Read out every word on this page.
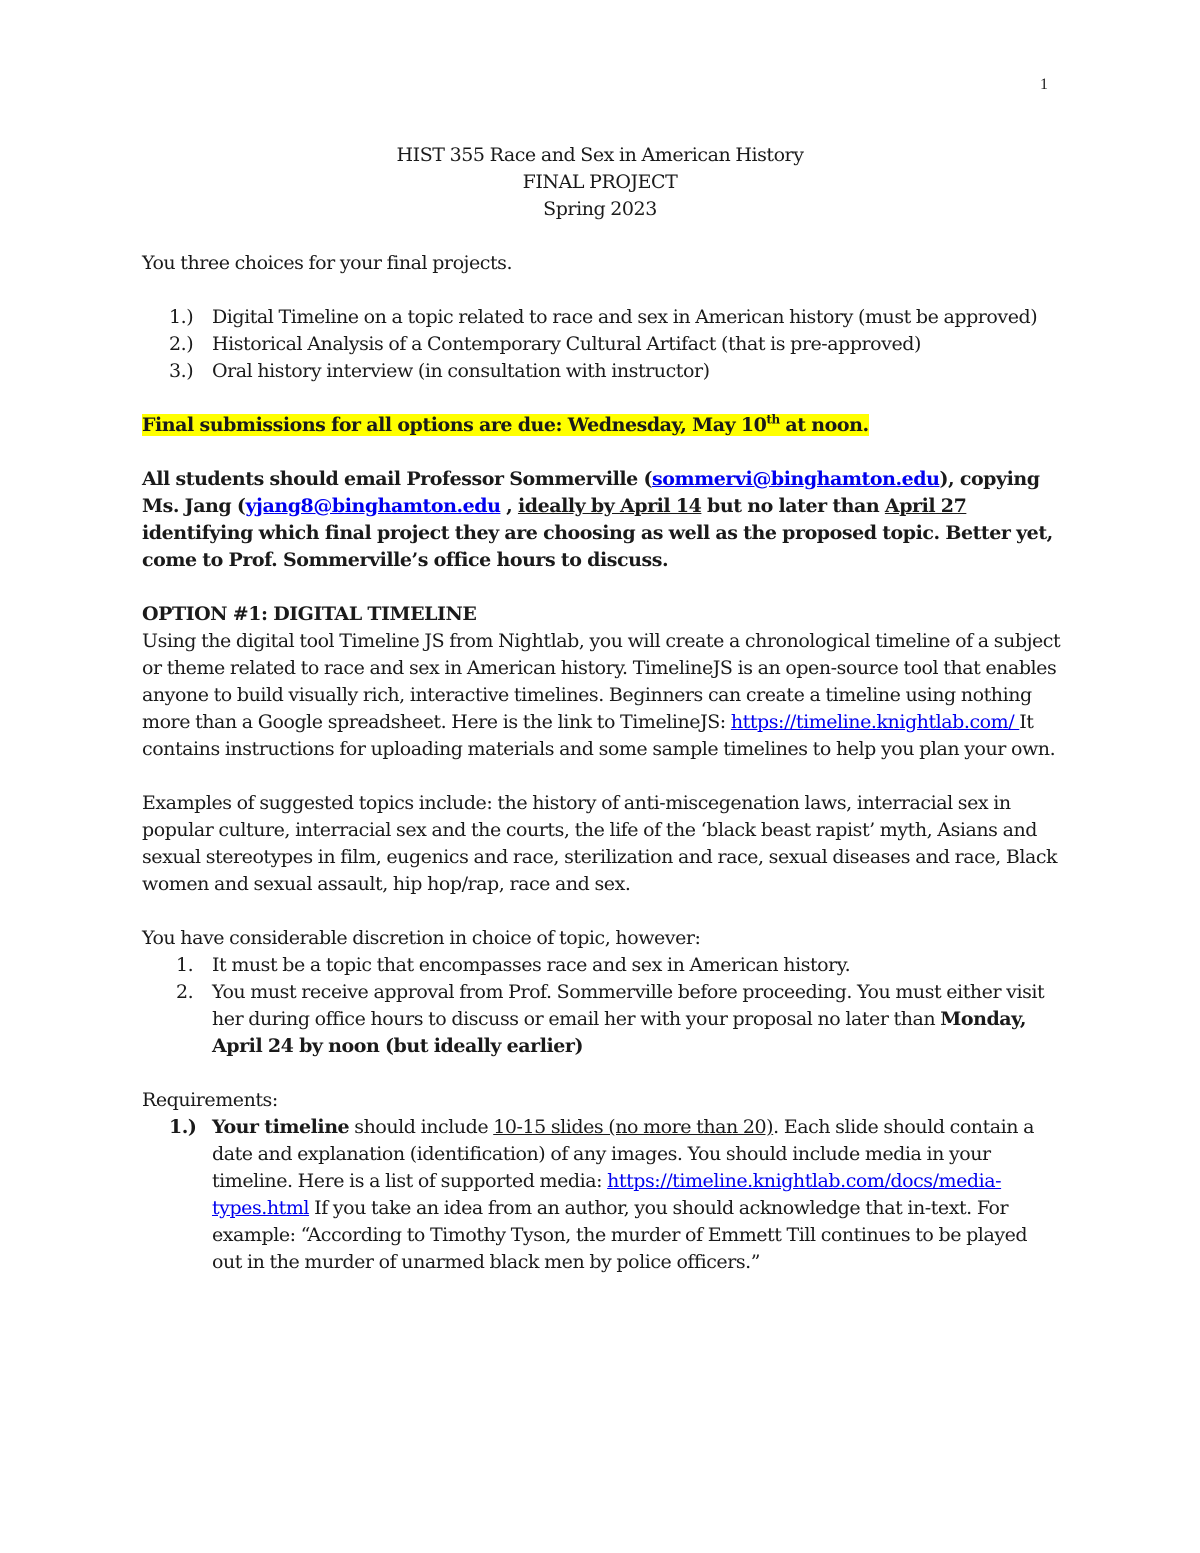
1
HIST 355 Race and Sex in American History
FINAL PROJECT
Spring 2023
You three choices for your final projects.
1.) Digital Timeline on a topic related to race and sex in American history (must be approved)
2.) Historical Analysis of a Contemporary Cultural Artifact (that is pre-approved)
3.) Oral history interview (in consultation with instructor)
Final submissions for all options are due: Wednesday, May 10th at noon.
All students should email Professor Sommerville (sommervi@binghamton.edu), copying Ms. Jang (yjang8@binghamton.edu , ideally by April 14 but no later than April 27 identifying which final project they are choosing as well as the proposed topic. Better yet, come to Prof. Sommerville’s office hours to discuss.
OPTION #1: DIGITAL TIMELINE
Using the digital tool Timeline JS from Nightlab, you will create a chronological timeline of a subject or theme related to race and sex in American history. TimelineJS is an open-source tool that enables anyone to build visually rich, interactive timelines. Beginners can create a timeline using nothing more than a Google spreadsheet. Here is the link to TimelineJS: https://timeline.knightlab.com/ It contains instructions for uploading materials and some sample timelines to help you plan your own.
Examples of suggested topics include: the history of anti-miscegenation laws, interracial sex in popular culture, interracial sex and the courts, the life of the ‘black beast rapist’ myth, Asians and sexual stereotypes in film, eugenics and race, sterilization and race, sexual diseases and race, Black women and sexual assault, hip hop/rap, race and sex.
You have considerable discretion in choice of topic, however:
1. It must be a topic that encompasses race and sex in American history.
2. You must receive approval from Prof. Sommerville before proceeding. You must either visit her during office hours to discuss or email her with your proposal no later than Monday, April 24 by noon (but ideally earlier)
Requirements:
1.) Your timeline should include 10-15 slides (no more than 20). Each slide should contain a date and explanation (identification) of any images. You should include media in your timeline. Here is a list of supported media: https://timeline.knightlab.com/docs/media-types.html If you take an idea from an author, you should acknowledge that in-text. For example: “According to Timothy Tyson, the murder of Emmett Till continues to be played out in the murder of unarmed black men by police officers.”
